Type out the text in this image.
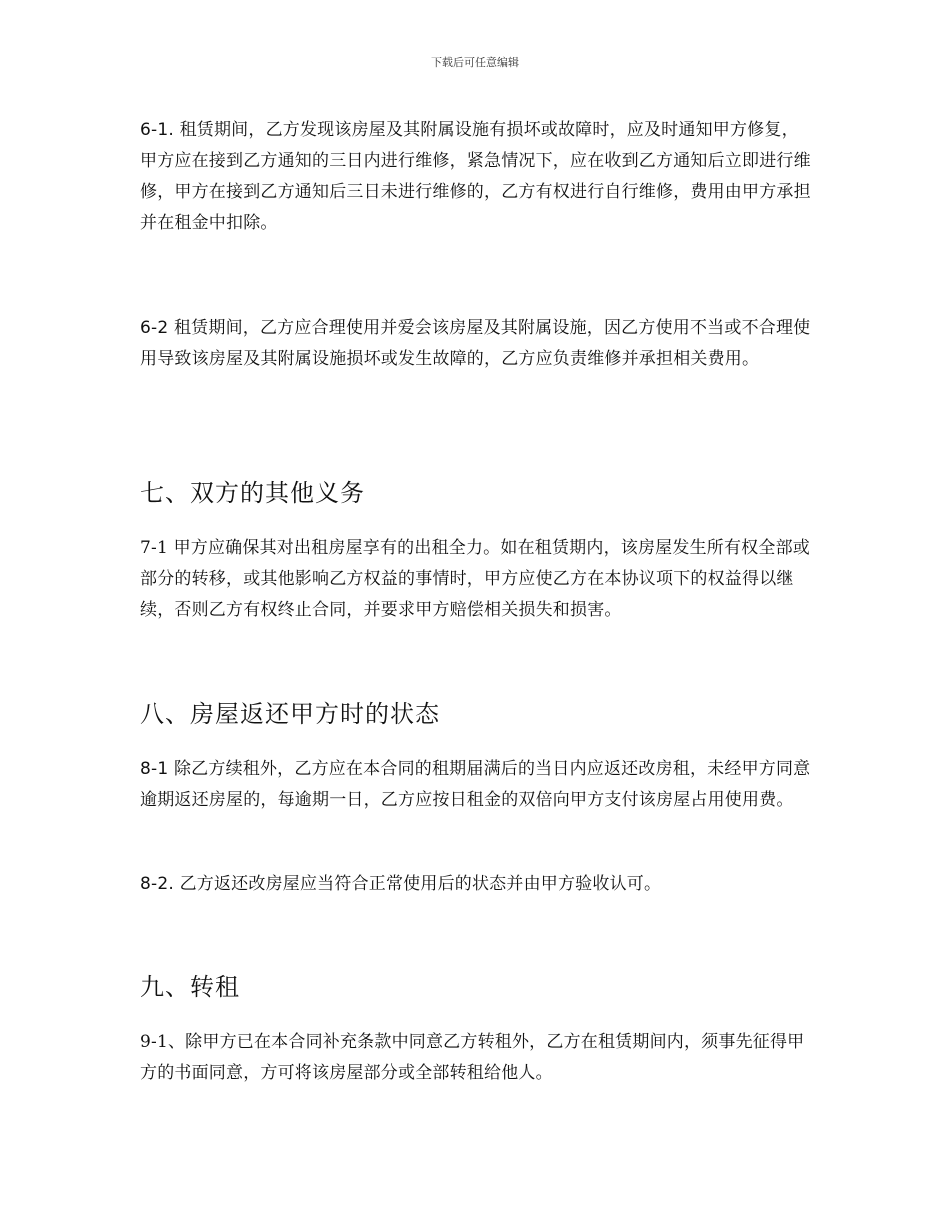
下载后可任意编辑

6-1. 租赁期间，乙方发现该房屋及其附属设施有损坏或故障时，应及时通知甲方修复，甲方应在接到乙方通知的三日内进行维修，紧急情况下，应在收到乙方通知后立即进行维修，甲方在接到乙方通知后三日未进行维修的，乙方有权进行自行维修，费用由甲方承担并在租金中扣除。

6-2 租赁期间，乙方应合理使用并爱会该房屋及其附属设施，因乙方使用不当或不合理使用导致该房屋及其附属设施损坏或发生故障的，乙方应负责维修并承担相关费用。

七、双方的其他义务

7-1 甲方应确保其对出租房屋享有的出租全力。如在租赁期内，该房屋发生所有权全部或部分的转移，或其他影响乙方权益的事情时，甲方应使乙方在本协议项下的权益得以继续，否则乙方有权终止合同，并要求甲方赔偿相关损失和损害。

八、房屋返还甲方时的状态

8-1 除乙方续租外，乙方应在本合同的租期届满后的当日内应返还改房租，未经甲方同意逾期返还房屋的，每逾期一日，乙方应按日租金的双倍向甲方支付该房屋占用使用费。

8-2. 乙方返还改房屋应当符合正常使用后的状态并由甲方验收认可。

九、转租

9-1、除甲方已在本合同补充条款中同意乙方转租外，乙方在租赁期间内，须事先征得甲方的书面同意，方可将该房屋部分或全部转租给他人。
